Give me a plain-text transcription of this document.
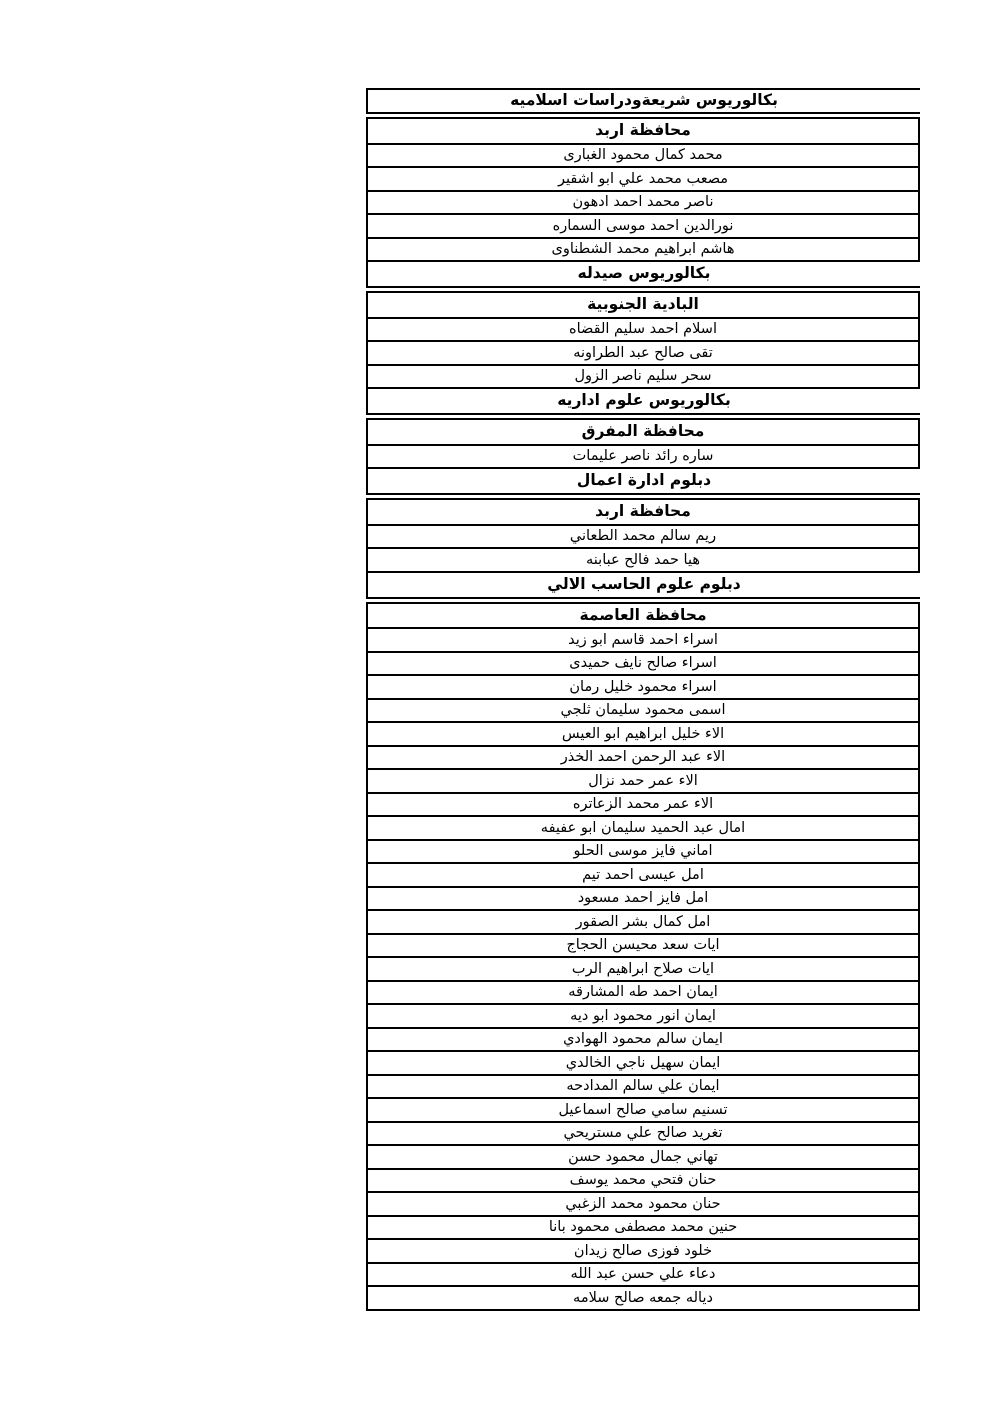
بكالوريوس شريعةودراسات اسلاميه
محافظة اربد
محمد كمال محمود الغبارى
مصعب محمد علي ابو اشقير
ناصر محمد احمد ادهون
نورالدين احمد موسى السماره
هاشم ابراهيم محمد الشطناوى
بكالوريوس صيدله
البادية الجنوبية
اسلام احمد سليم القضاه
تقى صالح عبد الطراونه
سحر سليم ناصر الزول
بكالوريوس علوم اداريه
محافظة المفرق
ساره رائد ناصر عليمات
دبلوم ادارة اعمال
محافظة اربد
ريم سالم محمد الطعاني
هيا حمد فالح عبابنه
دبلوم علوم الحاسب الالي
محافظة العاصمة
اسراء احمد قاسم ابو زيد
اسراء صالح نايف حميدى
اسراء محمود خليل رمان
اسمى محمود سليمان ثلجي
الاء خليل ابراهيم ابو العيس
الاء عبد الرحمن احمد الخذر
الاء عمر حمد نزال
الاء عمر محمد الزعاتره
امال عبد الحميد سليمان ابو عفيفه
اماني فايز موسى الحلو
امل عيسى احمد تيم
امل فايز احمد مسعود
امل كمال بشر الصقور
ايات سعد محيسن الحجاج
ايات صلاح ابراهيم الرب
ايمان احمد طه المشارقه
ايمان انور محمود ابو ديه
ايمان سالم محمود الهوادي
ايمان سهيل ناجي الخالدي
ايمان علي سالم المدادحه
تسنيم سامي صالح اسماعيل
تغريد صالح علي مستريحي
تهاني جمال محمود حسن
حنان فتحي محمد يوسف
حنان محمود محمد الزغبي
حنين محمد مصطفى محمود بانا
خلود فوزى صالح زيدان
دعاء علي حسن عبد الله
دياله جمعه صالح سلامه
